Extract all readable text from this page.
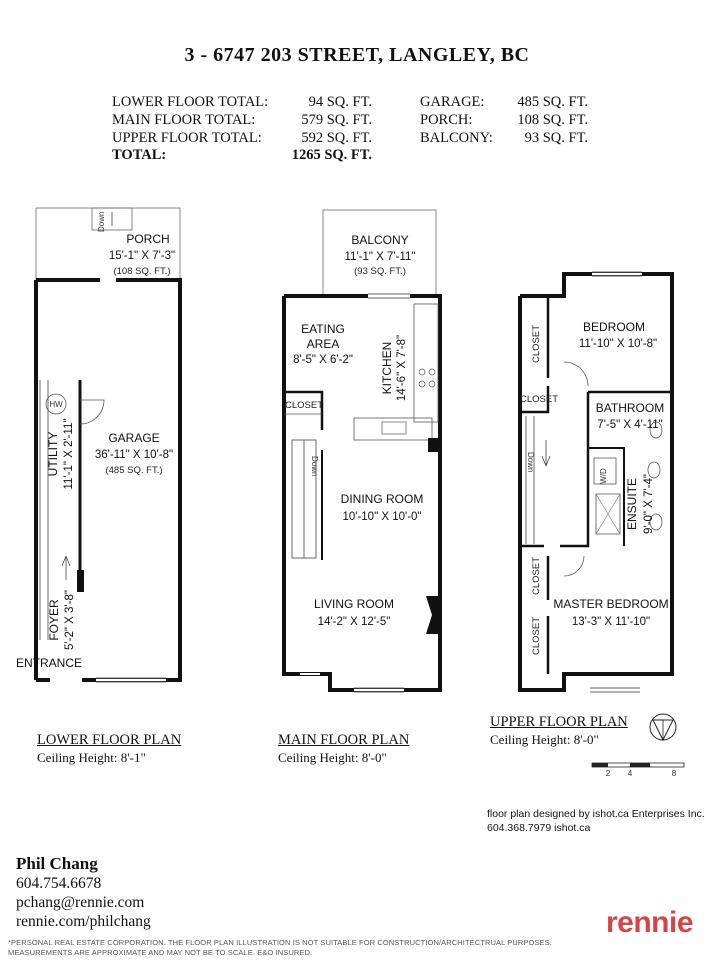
3 - 6747 203 STREET, LANGLEY, BC
LOWER FLOOR TOTAL:	94 SQ. FT.
MAIN FLOOR TOTAL:	579 SQ. FT.
UPPER FLOOR TOTAL:	592 SQ. FT.
TOTAL:	1265 SQ. FT.
GARAGE:	485 SQ. FT.
PORCH:	108 SQ. FT.
BALCONY:	93 SQ. FT.
Down
HW
PORCH
15'-1" X 7'-3"
(108 SQ. FT.)
GARAGE
36'-11" X 10'-8"
(485 SQ. FT.)
UTILITY 11'-1" X 2'-11"
FOYER 5'-2" X 3'-8"
ENTRANCE
Down
BALCONY
11'-1" X 7'-11"
(93 SQ. FT.)
EATING
AREA
8'-5" X 6'-2" KITCHEN 14'-6" X 7'-8"
CLOSET
DINING ROOM
10'-10" X 10'-0"
LIVING ROOM
14'-2" X 12'-5"
Down
BEDROOM
11'-10" X 10'-8"
CLOSET
CLOSET
BATHROOM
7'-5" X 4'-11"
W/D
ENSUITE 9'-0" X 7'-4"
CLOSET
CLOSET
MASTER BEDROOM
13'-3" X 11'-10"
2 4	8
LOWER FLOOR PLAN
Ceiling Height: 8'-1"
MAIN FLOOR PLAN
Ceiling Height: 8'-0"
UPPER FLOOR PLAN
Ceiling Height: 8'-0"
floor plan designed by ishot.ca Enterprises Inc.
604.368.7979 ishot.ca
Phil Chang
604.754.6678
pchang@rennie.com
rennie.com/philchang
*PERSONAL REAL ESTATE CORPORATION. THE FLOOR PLAN ILLUSTRATION IS NOT SUITABLE FOR CONSTRUCTION/ARCHITECTRUAL PURPOSES.
MEASUREMENTS ARE APPROXIMATE AND MAY NOT BE TO SCALE. E&O INSURED.
rennie
